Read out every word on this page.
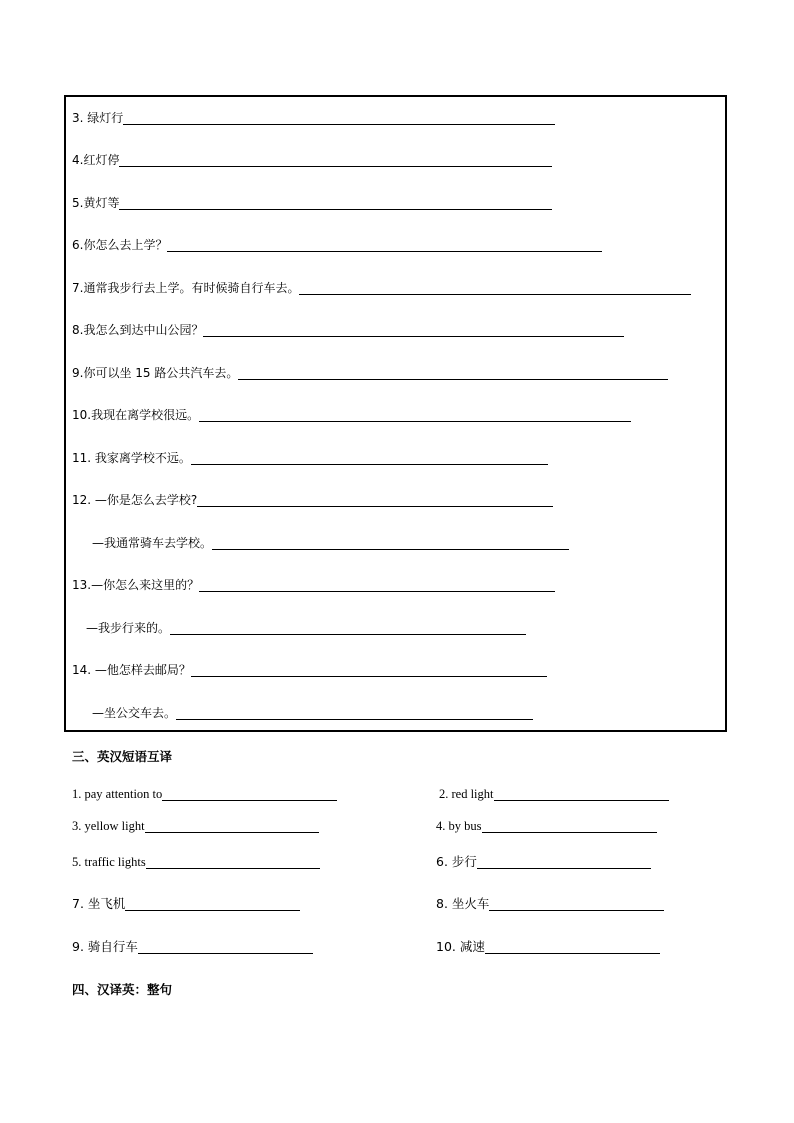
3. 绿灯行
4.红灯停
5.黄灯等
6.你怎么去上学？
7.通常我步行去上学。有时候骑自行车去。
8.我怎么到达中山公园？
9.你可以坐 15 路公共汽车去。
10.我现在离学校很远。
11. 我家离学校不远。
12. —你是怎么去学校?
—我通常骑车去学校。
13.—你怎么来这里的？
—我步行来的。
14. —他怎样去邮局？
—坐公交车去。
三、英汉短语互译
1. pay attention to	2. red light
3. yellow light	4. by bus
5. traffic lights	6. 步行
7. 坐飞机	8. 坐火车
9. 骑自行车	10. 减速
四、汉译英：整句
